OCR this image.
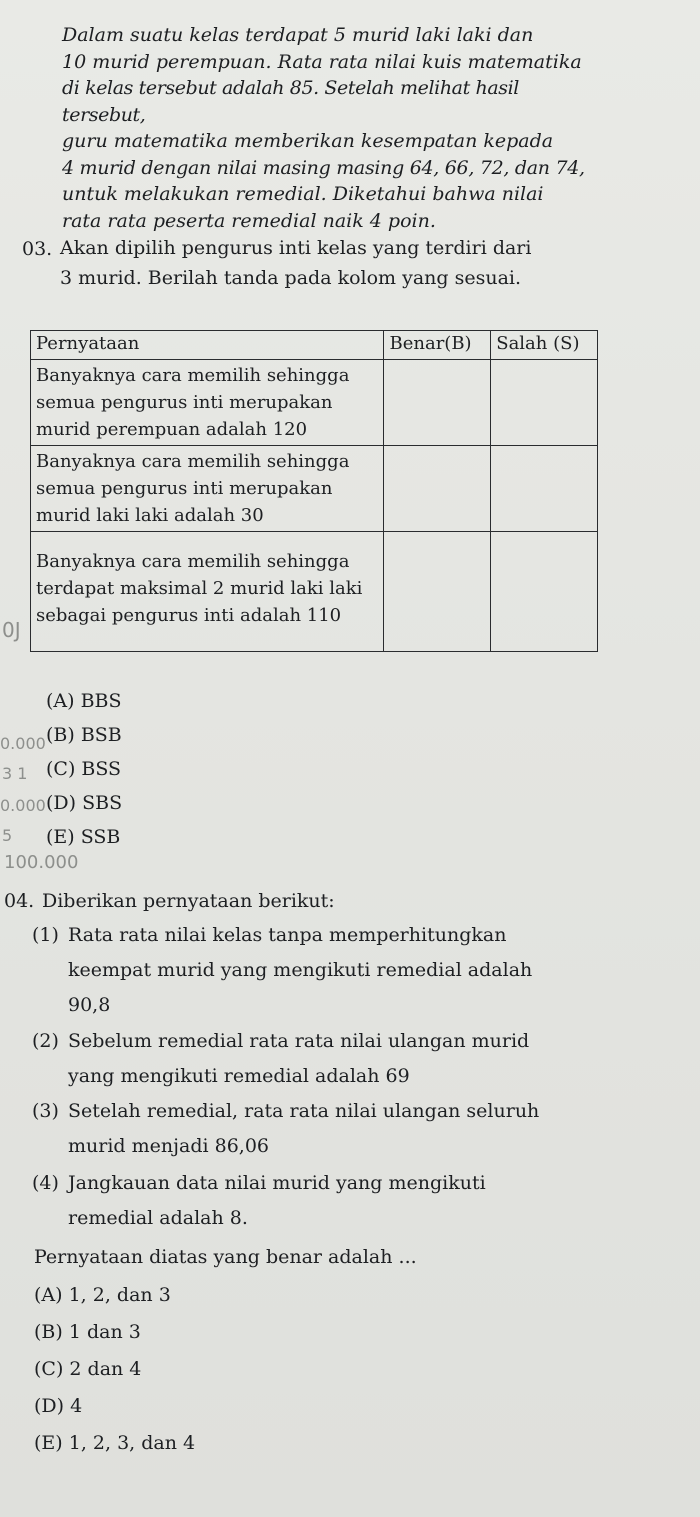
Dalam suatu kelas terdapat 5 murid laki laki dan

10 murid perempuan. Rata rata nilai kuis matematika

di kelas tersebut adalah 85. Setelah melihat hasil tersebut,

guru matematika memberikan kesempatan kepada

4 murid dengan nilai masing masing 64, 66, 72, dan 74,

untuk melakukan remedial. Diketahui bahwa nilai

rata rata peserta remedial naik 4 poin.

03. Akan dipilih pengurus inti kelas yang terdiri dari
3 murid. Berilah tanda pada kolom yang sesuai.
Pernyataan	Benar(B)	Salah (S)

Banyaknya cara memilih sehingga
semua pengurus inti merupakan
murid perempuan adalah 120		

Banyaknya cara memilih sehingga
semua pengurus inti merupakan
murid laki laki adalah 30		

Banyaknya cara memilih sehingga
terdapat maksimal 2 murid laki laki
sebagai pengurus inti adalah 110		

(A) BBS
(B) BSB
(C) BSS
(D) SBS
(E) SSB
0J
0.000
3 1
0.000
5
100.000
04. Diberikan pernyataan berikut:
(1) Rata rata nilai kelas tanpa memperhitungkan
keempat murid yang mengikuti remedial adalah
90,8
(2) Sebelum remedial rata rata nilai ulangan murid
yang mengikuti remedial adalah 69
(3) Setelah remedial, rata rata nilai ulangan seluruh
murid menjadi 86,06
(4) Jangkauan data nilai murid yang mengikuti
remedial adalah 8.
Pernyataan diatas yang benar adalah ...
(A) 1, 2, dan 3
(B) 1 dan 3
(C) 2 dan 4
(D) 4
(E) 1, 2, 3, dan 4
